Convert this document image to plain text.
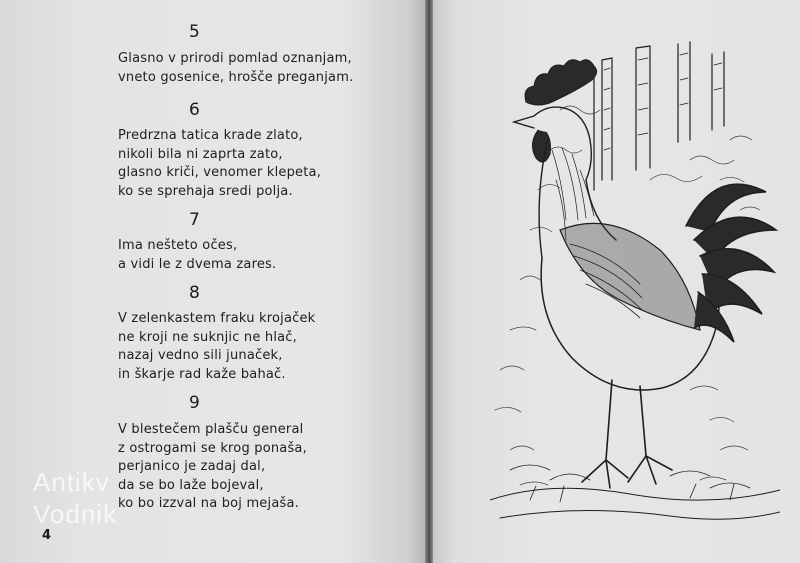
5
Glasno v prirodi pomlad oznanjam,
vneto gosenice, hrošče preganjam.
6
Predrzna tatica krade zlato,
nikoli bila ni zaprta zato,
glasno kriči, venomer klepeta,
ko se sprehaja sredi polja.
7
Ima nešteto očes,
a vidi le z dvema zares.
8
V zelenkastem fraku krojaček
ne kroji ne suknjic ne hlač,
nazaj vedno sili junaček,
in škarje rad kaže bahač.
9
V blestečem plašču general
z ostrogami se krog ponaša,
perjanico je zadaj dal,
da se bo laže bojeval,
ko bo izzval na boj mejaša.
4
Antikv
Vodnik
